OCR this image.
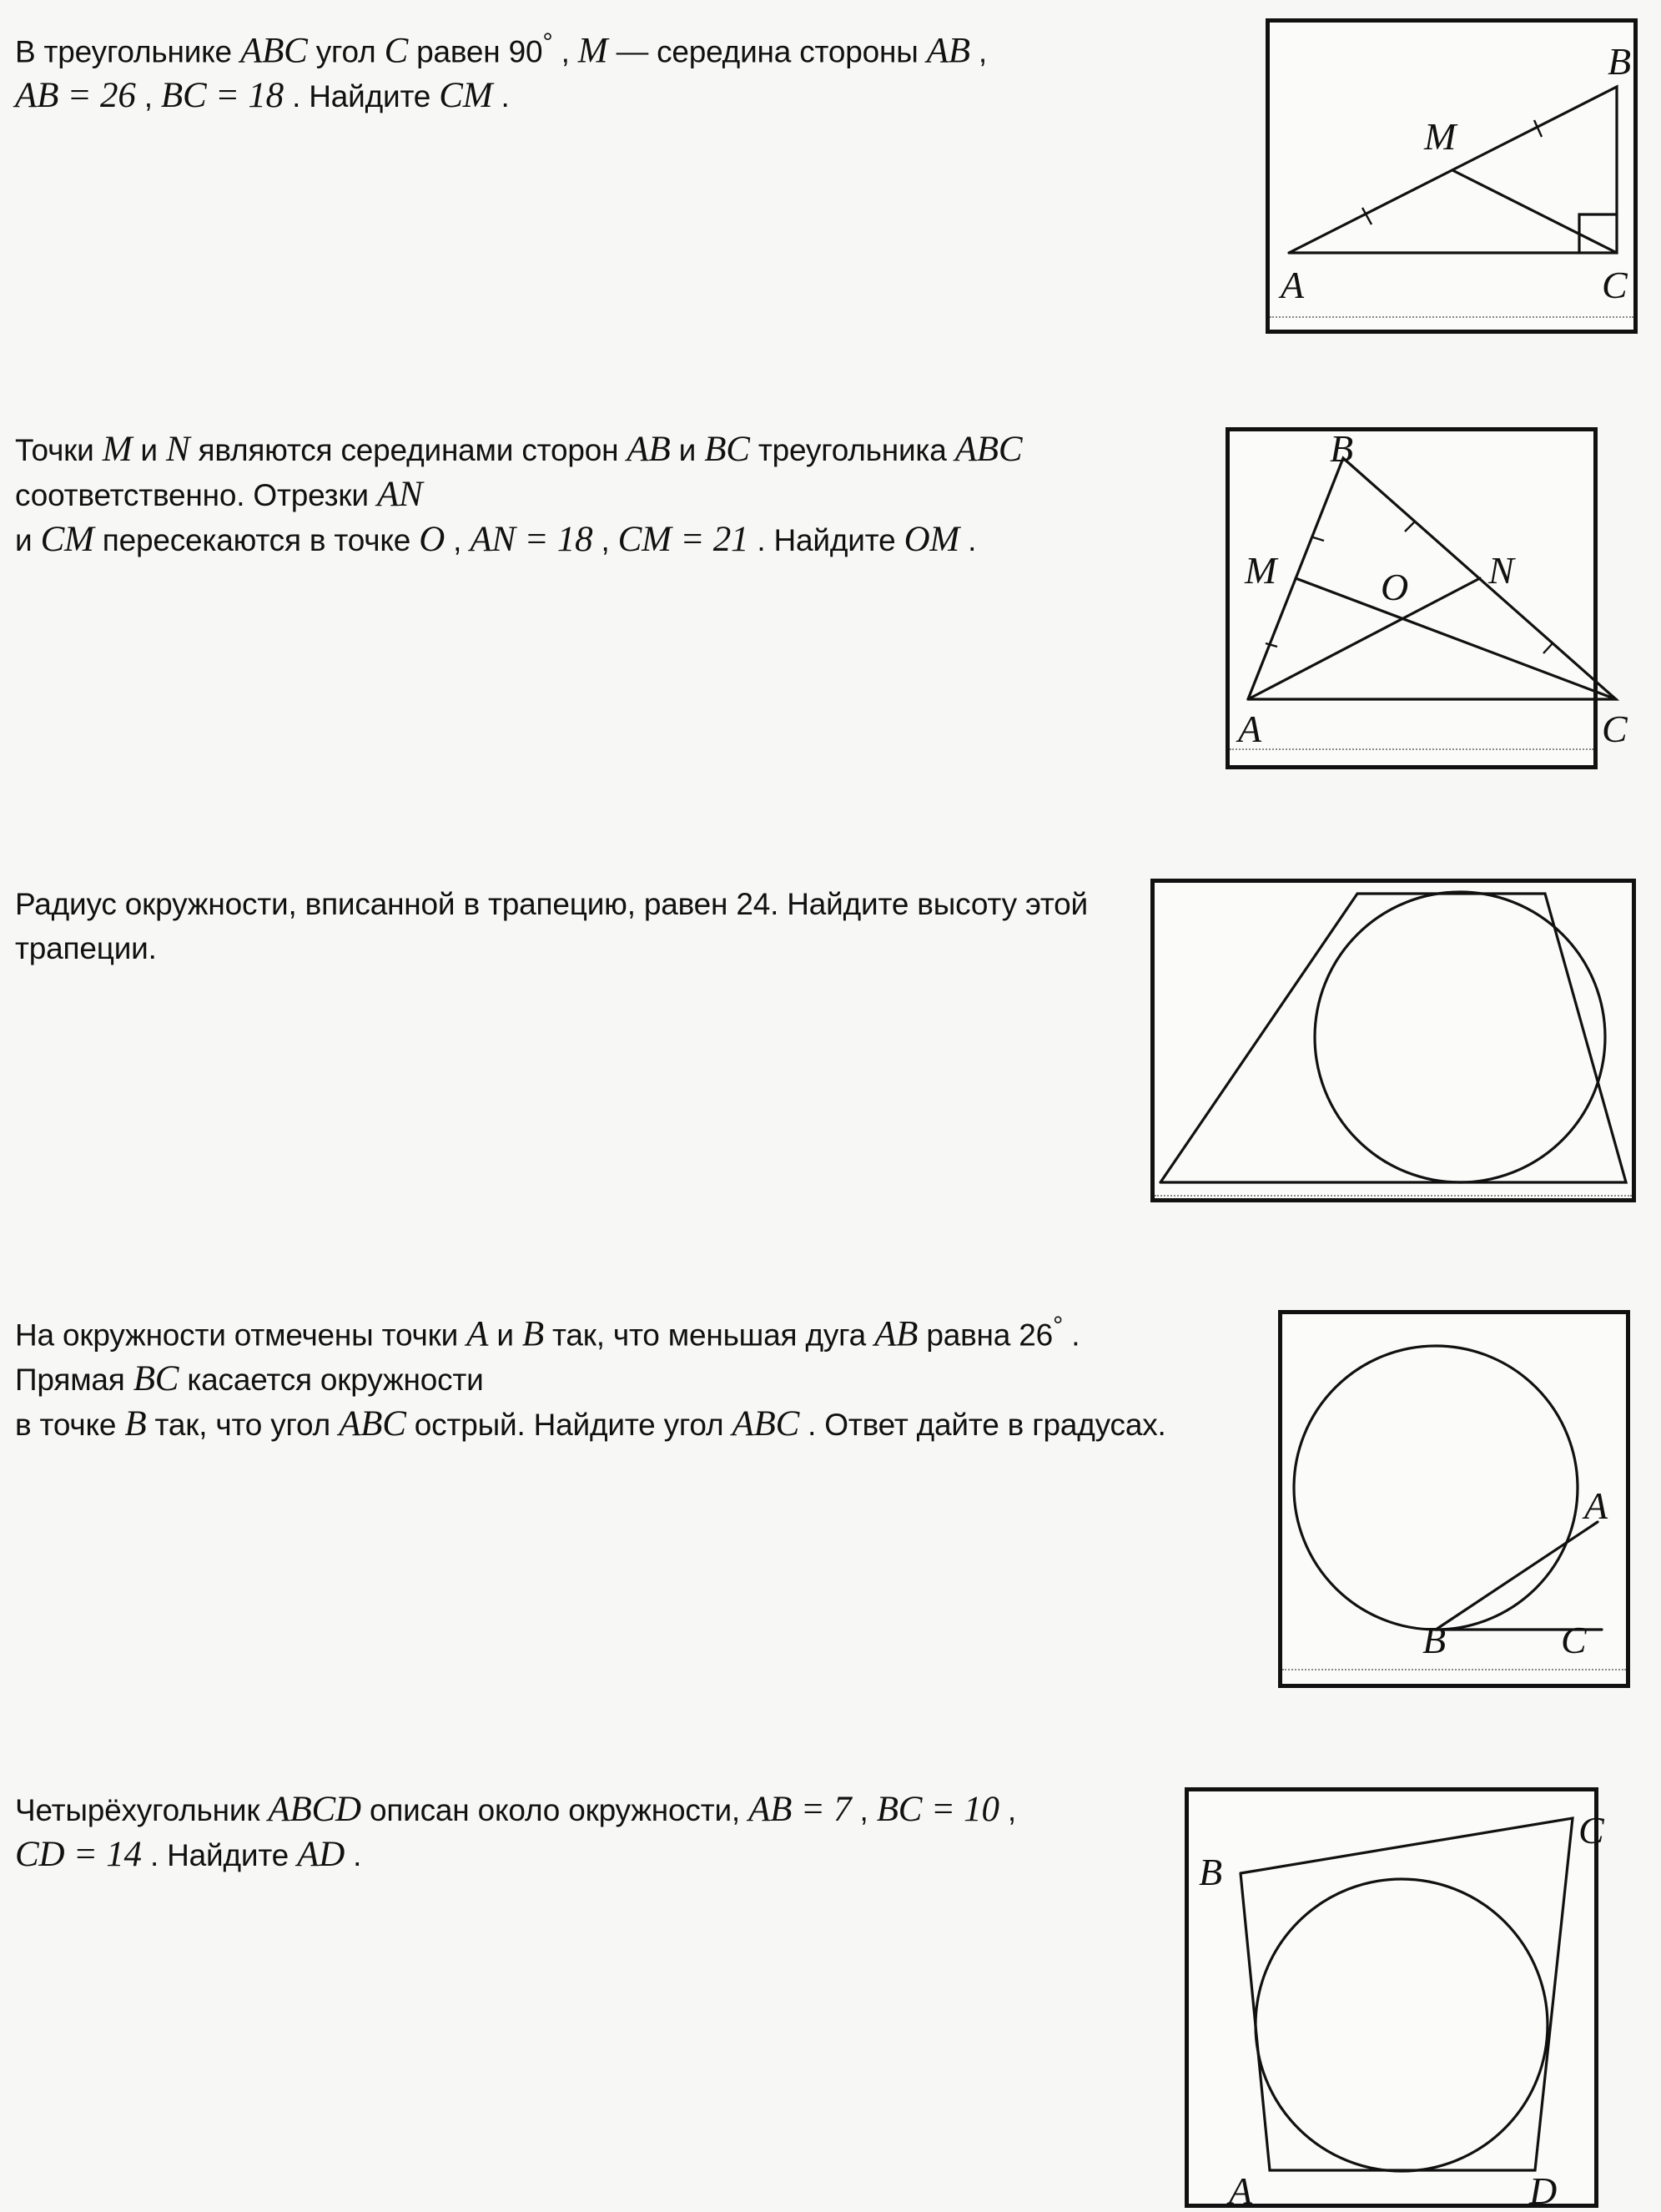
В треугольнике ABC угол C равен 90° , M — середина стороны AB ,

AB = 26 , BC = 18 . Найдите CM .

B
M
A	C

Точки M и N являются серединами сторон AB и BC треугольника ABC

соответственно. Отрезки AN

и CM пересекаются в точке O , AN = 18 , CM = 21 . Найдите OM .

B
M	O N
A	C

Радиус окружности, вписанной в трапецию, равен 24. Найдите высоту этой

трапеции.

На окружности отмечены точки A и B так, что меньшая дуга AB равна 26° .

Прямая BC касается окружности

в точке B так, что угол ABC острый. Найдите угол ABC . Ответ дайте в градусах.

A
B	C

Четырёхугольник ABCD описан около окружности, AB = 7 , BC = 10 ,

CD = 14 . Найдите AD .	B
C
A	D
